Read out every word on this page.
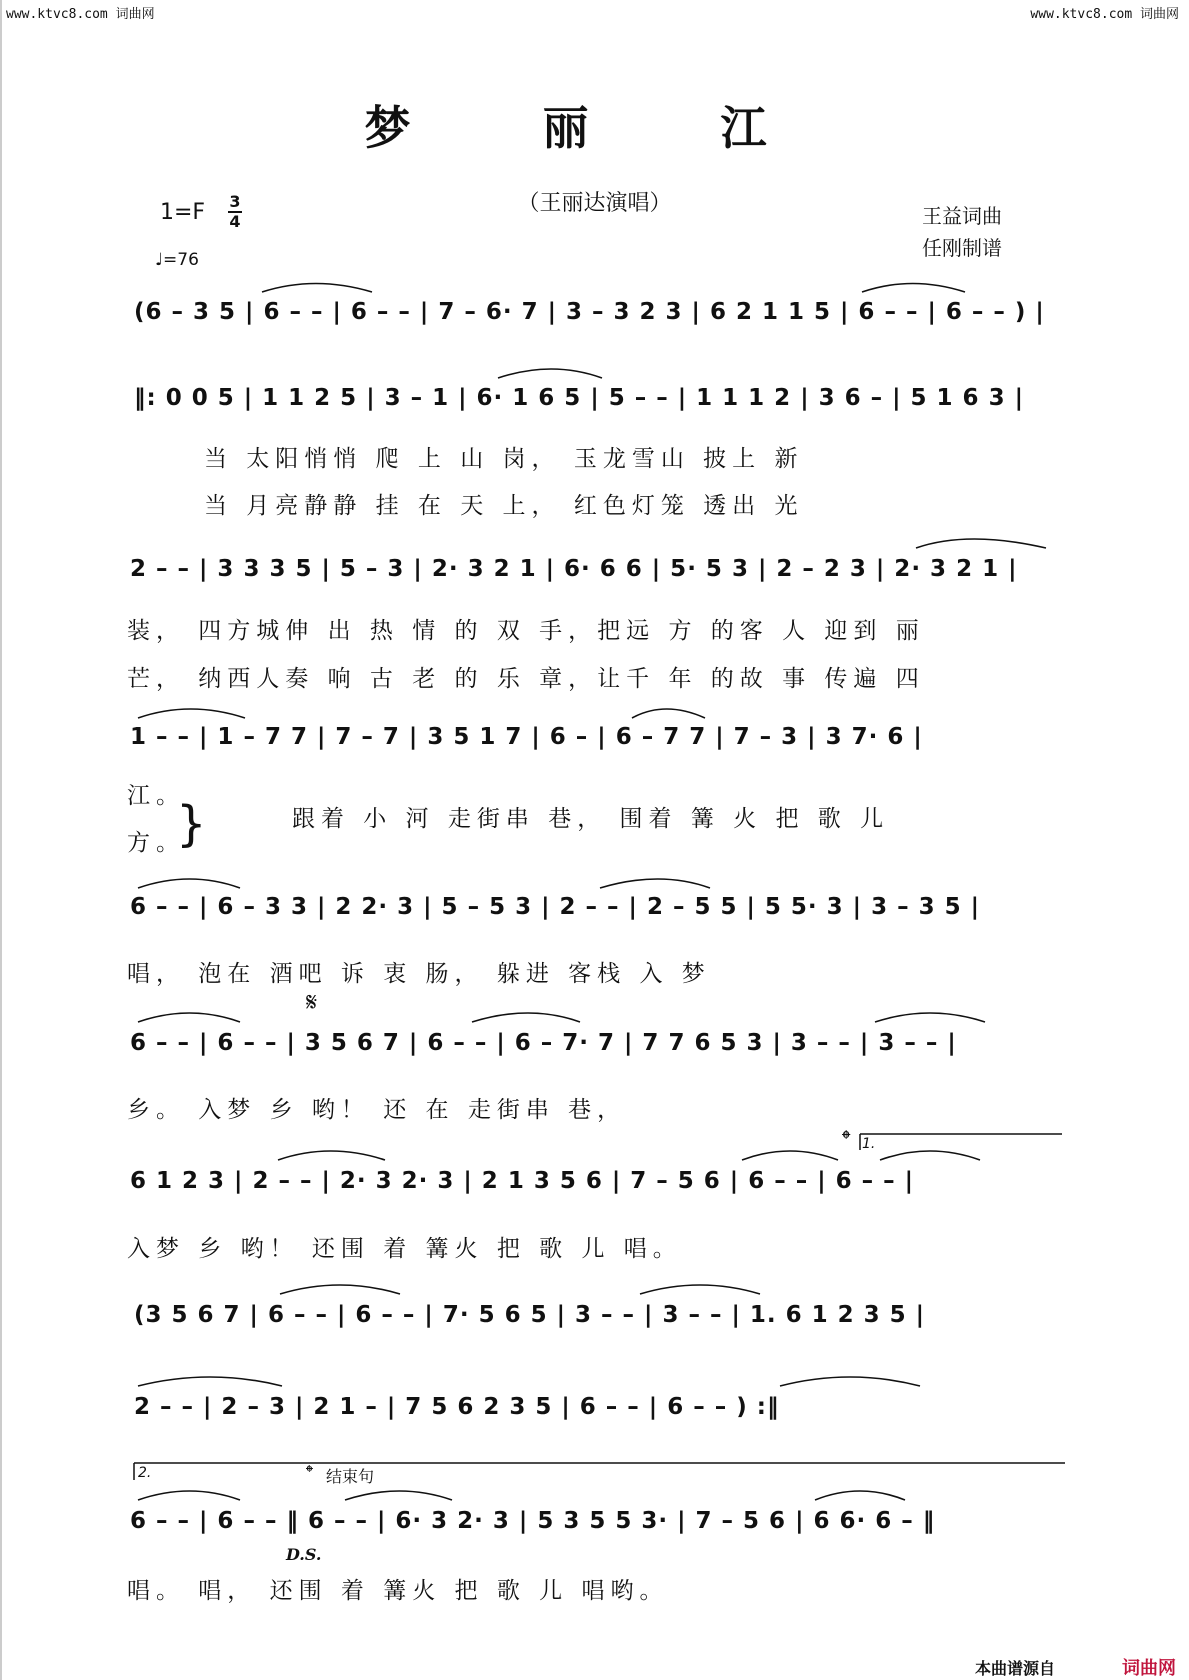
www.ktvc8.com 词曲网	www.ktvc8.com 词曲网
梦 丽 江
（王丽达演唱）
1=F 3
4
♩=76
王益词曲
任刚制谱
(6 – 3 5 | 6 – – | 6 – – | 7 – 6· 7 | 3 – 3 2 3 | 6 2 1 1 5 | 6 – – | 6 – – ) |
‖: 0 0 5 | 1 1 2 5 | 3 – 1 | 6· 1 6 5 | 5 – – | 1 1 1 2 | 3 6 – | 5 1 6 3 |
当 太阳悄悄 爬 上 山 岗， 玉龙雪山 披上 新
当 月亮静静 挂 在 天 上， 红色灯笼 透出 光
2 – – | 3 3 3 5 | 5 – 3 | 2· 3 2 1 | 6· 6 6 | 5· 5 3 | 2 – 2 3 | 2· 3 2 1 |
装， 四方城伸 出 热 情 的 双 手，把远 方 的客 人 迎到 丽
芒， 纳西人奏 响 古 老 的 乐 章，让千 年 的故 事 传遍 四
1 – – | 1 – 7 7 | 7 – 7 | 3 5 1 7 | 6 – | 6 – 7 7 | 7 – 3 | 3 7· 6 |
江。
方。
跟着 小 河 走街串 巷， 围着 篝 火 把 歌 儿
6 – – | 6 – 3 3 | 2 2· 3 | 5 – 5 3 | 2 – – | 2 – 5 5 | 5 5· 3 | 3 – 3 5 |
唱， 泡在 酒吧 诉 衷 肠， 躲进 客栈 入 梦
6 – – | 6 – – | 3 5 6 7 | 6 – – | 6 – 7· 7 | 7 7 6 5 3 | 3 – – | 3 – – |
乡。 入梦 乡 哟！ 还 在 走街串 巷，
6 1 2 3 | 2 – – | 2· 3 2· 3 | 2 1 3 5 6 | 7 – 5 6 | 6 – – | 6 – – |
入梦 乡 哟！ 还围 着 篝火 把 歌 儿 唱。
(3 5 6 7 | 6 – – | 6 – – | 7· 5 6 5 | 3 – – | 3 – – | 1. 6 1 2 3 5 |
2 – – | 2 – 3 | 2 1 – | 7 5 6 2 3 5 | 6 – – | 6 – – ) :‖
6 – – | 6 – – ‖ 6 – – | 6· 3 2· 3 | 5 3 5 5 3· | 7 – 5 6 | 6 6· 6 – ‖
唱。 唱， 还围 着 篝火 把 歌 儿 唱哟。
}
𝄋
𝄌 1.
2.	𝄌 结束句
D.S.
本曲谱源自	词曲网
